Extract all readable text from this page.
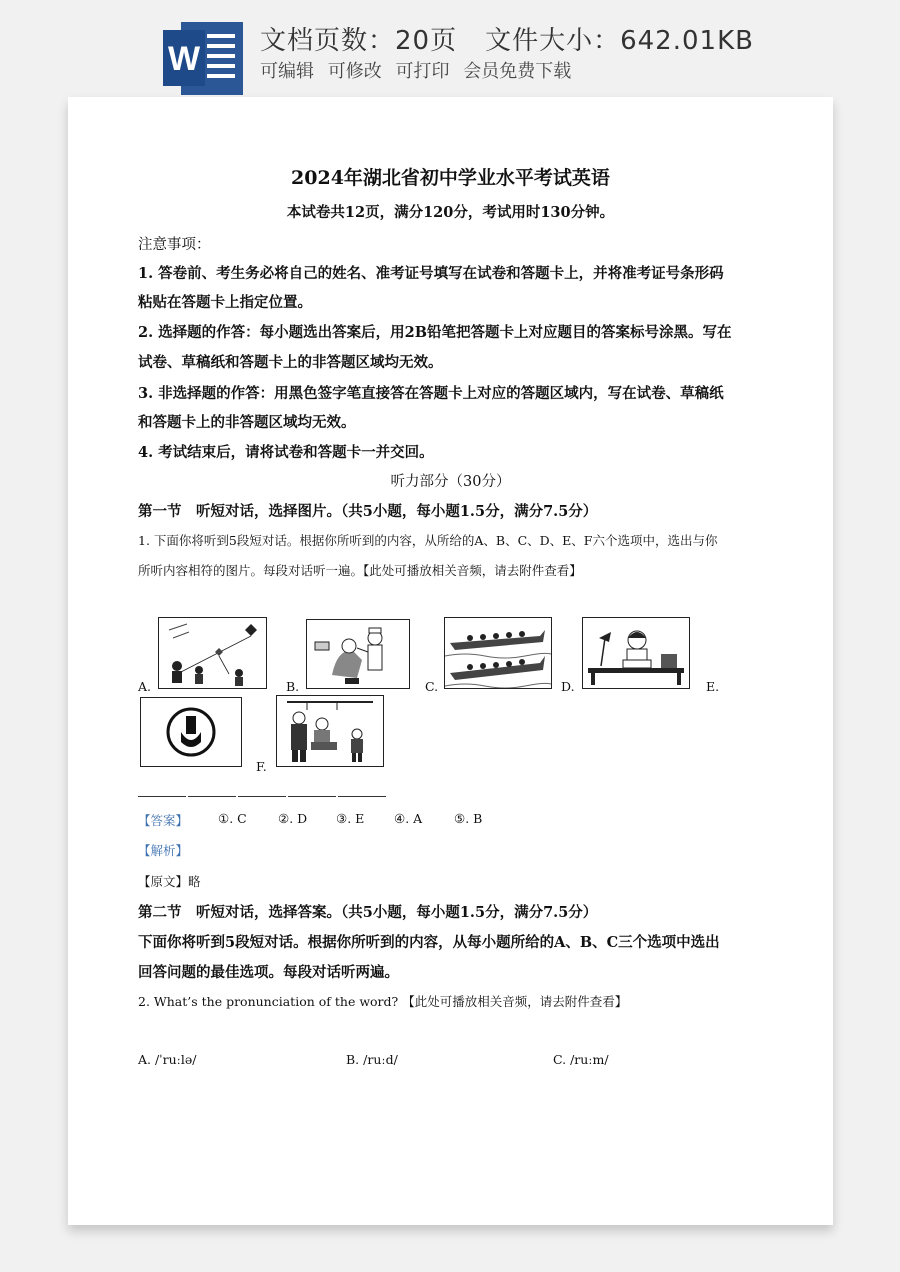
W 文档页数：20页 文件大小：642.01KB
可编辑 可修改 可打印 会员免费下载
2024年湖北省初中学业水平考试英语
本试卷共12页，满分120分，考试用时130分钟。
注意事项：
1. 答卷前、考生务必将自己的姓名、准考证号填写在试卷和答题卡上，并将准考证号条形码
粘贴在答题卡上指定位置。
2. 选择题的作答：每小题选出答案后，用2B铅笔把答题卡上对应题目的答案标号涂黑。写在
试卷、草稿纸和答题卡上的非答题区域均无效。
3. 非选择题的作答：用黑色签字笔直接答在答题卡上对应的答题区域内，写在试卷、草稿纸
和答题卡上的非答题区域均无效。
4. 考试结束后，请将试卷和答题卡一并交回。
听力部分（30分）
第一节　听短对话，选择图片。（共5小题，每小题1.5分，满分7.5分）
1. 下面你将听到5段短对话。根据你所听到的内容，从所给的A、B、C、D、E、F六个选项中，选出与你
所听内容相符的图片。每段对话听一遍。【此处可播放相关音频，请去附件查看】
A.	B.	C.	D.	E.
F.
【答案】 ①. C	②. D ③. E ④. A	⑤. B
【解析】
【原文】略
第二节　听短对话，选择答案。（共5小题，每小题1.5分，满分7.5分）
下面你将听到5段短对话。根据你所听到的内容，从每小题所给的A、B、C三个选项中选出
回答问题的最佳选项。每段对话听两遍。
2. What’s the pronunciation of the word? 【此处可播放相关音频，请去附件查看】
A. /ˈruːlə/	B. /ruːd/	C. /ruːm/
